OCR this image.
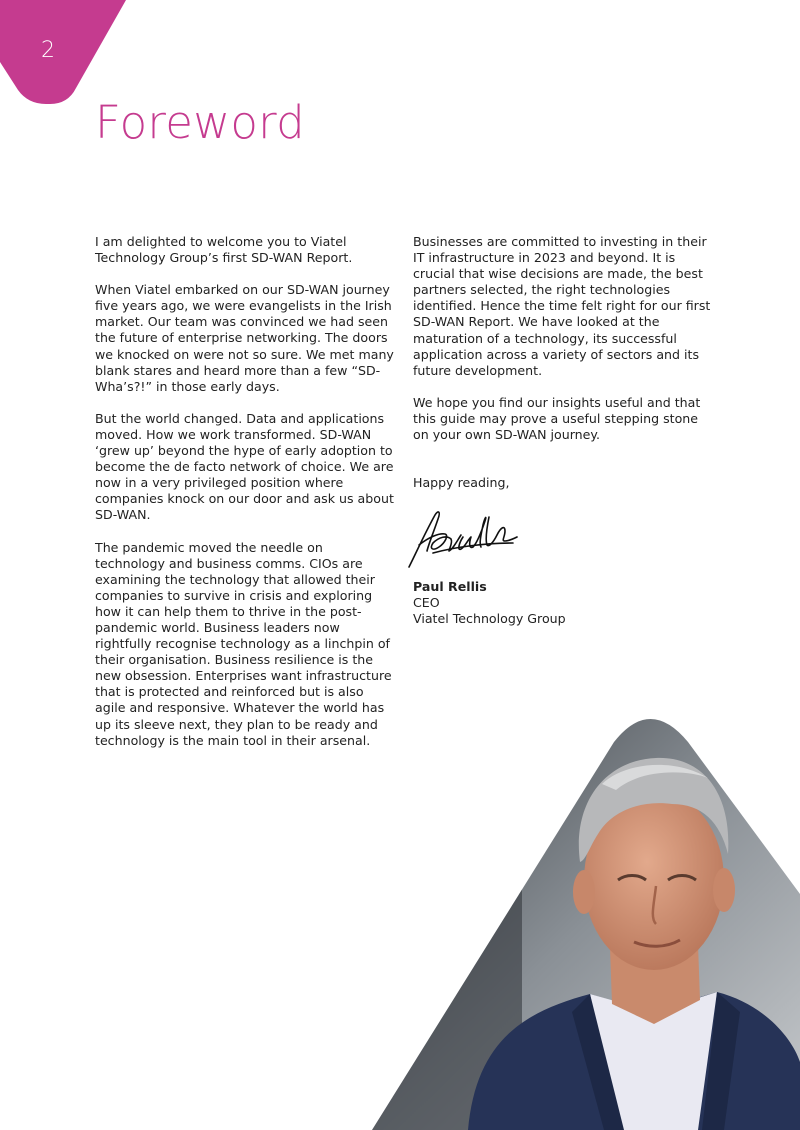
2
Foreword

I am delighted to welcome you to Viatel Technology Group’s first SD-WAN Report.

When Viatel embarked on our SD-WAN journey five years ago, we were evangelists in the Irish market. Our team was convinced we had seen the future of enterprise networking. The doors we knocked on were not so sure. We met many blank stares and heard more than a few “SD-Wha’s?!” in those early days.

But the world changed. Data and applications moved. How we work transformed. SD-WAN ‘grew up’ beyond the hype of early adoption to become the de facto network of choice. We are now in a very privileged position where companies knock on our door and ask us about SD-WAN.

The pandemic moved the needle on technology and business comms. CIOs are examining the technology that allowed their companies to survive in crisis and exploring how it can help them to thrive in the post-pandemic world. Business leaders now rightfully recognise technology as a linchpin of their organisation. Business resilience is the new obsession. Enterprises want infrastructure that is protected and reinforced but is also agile and responsive. Whatever the world has up its sleeve next, they plan to be ready and technology is the main tool in their arsenal.

Businesses are committed to investing in their IT infrastructure in 2023 and beyond. It is crucial that wise decisions are made, the best partners selected, the right technologies identified. Hence the time felt right for our first SD-WAN Report. We have looked at the maturation of a technology, its successful application across a variety of sectors and its future development.

We hope you find our insights useful and that this guide may prove a useful stepping stone on your own SD-WAN journey.

Happy reading,

Paul Rellis
CEO
Viatel Technology Group
